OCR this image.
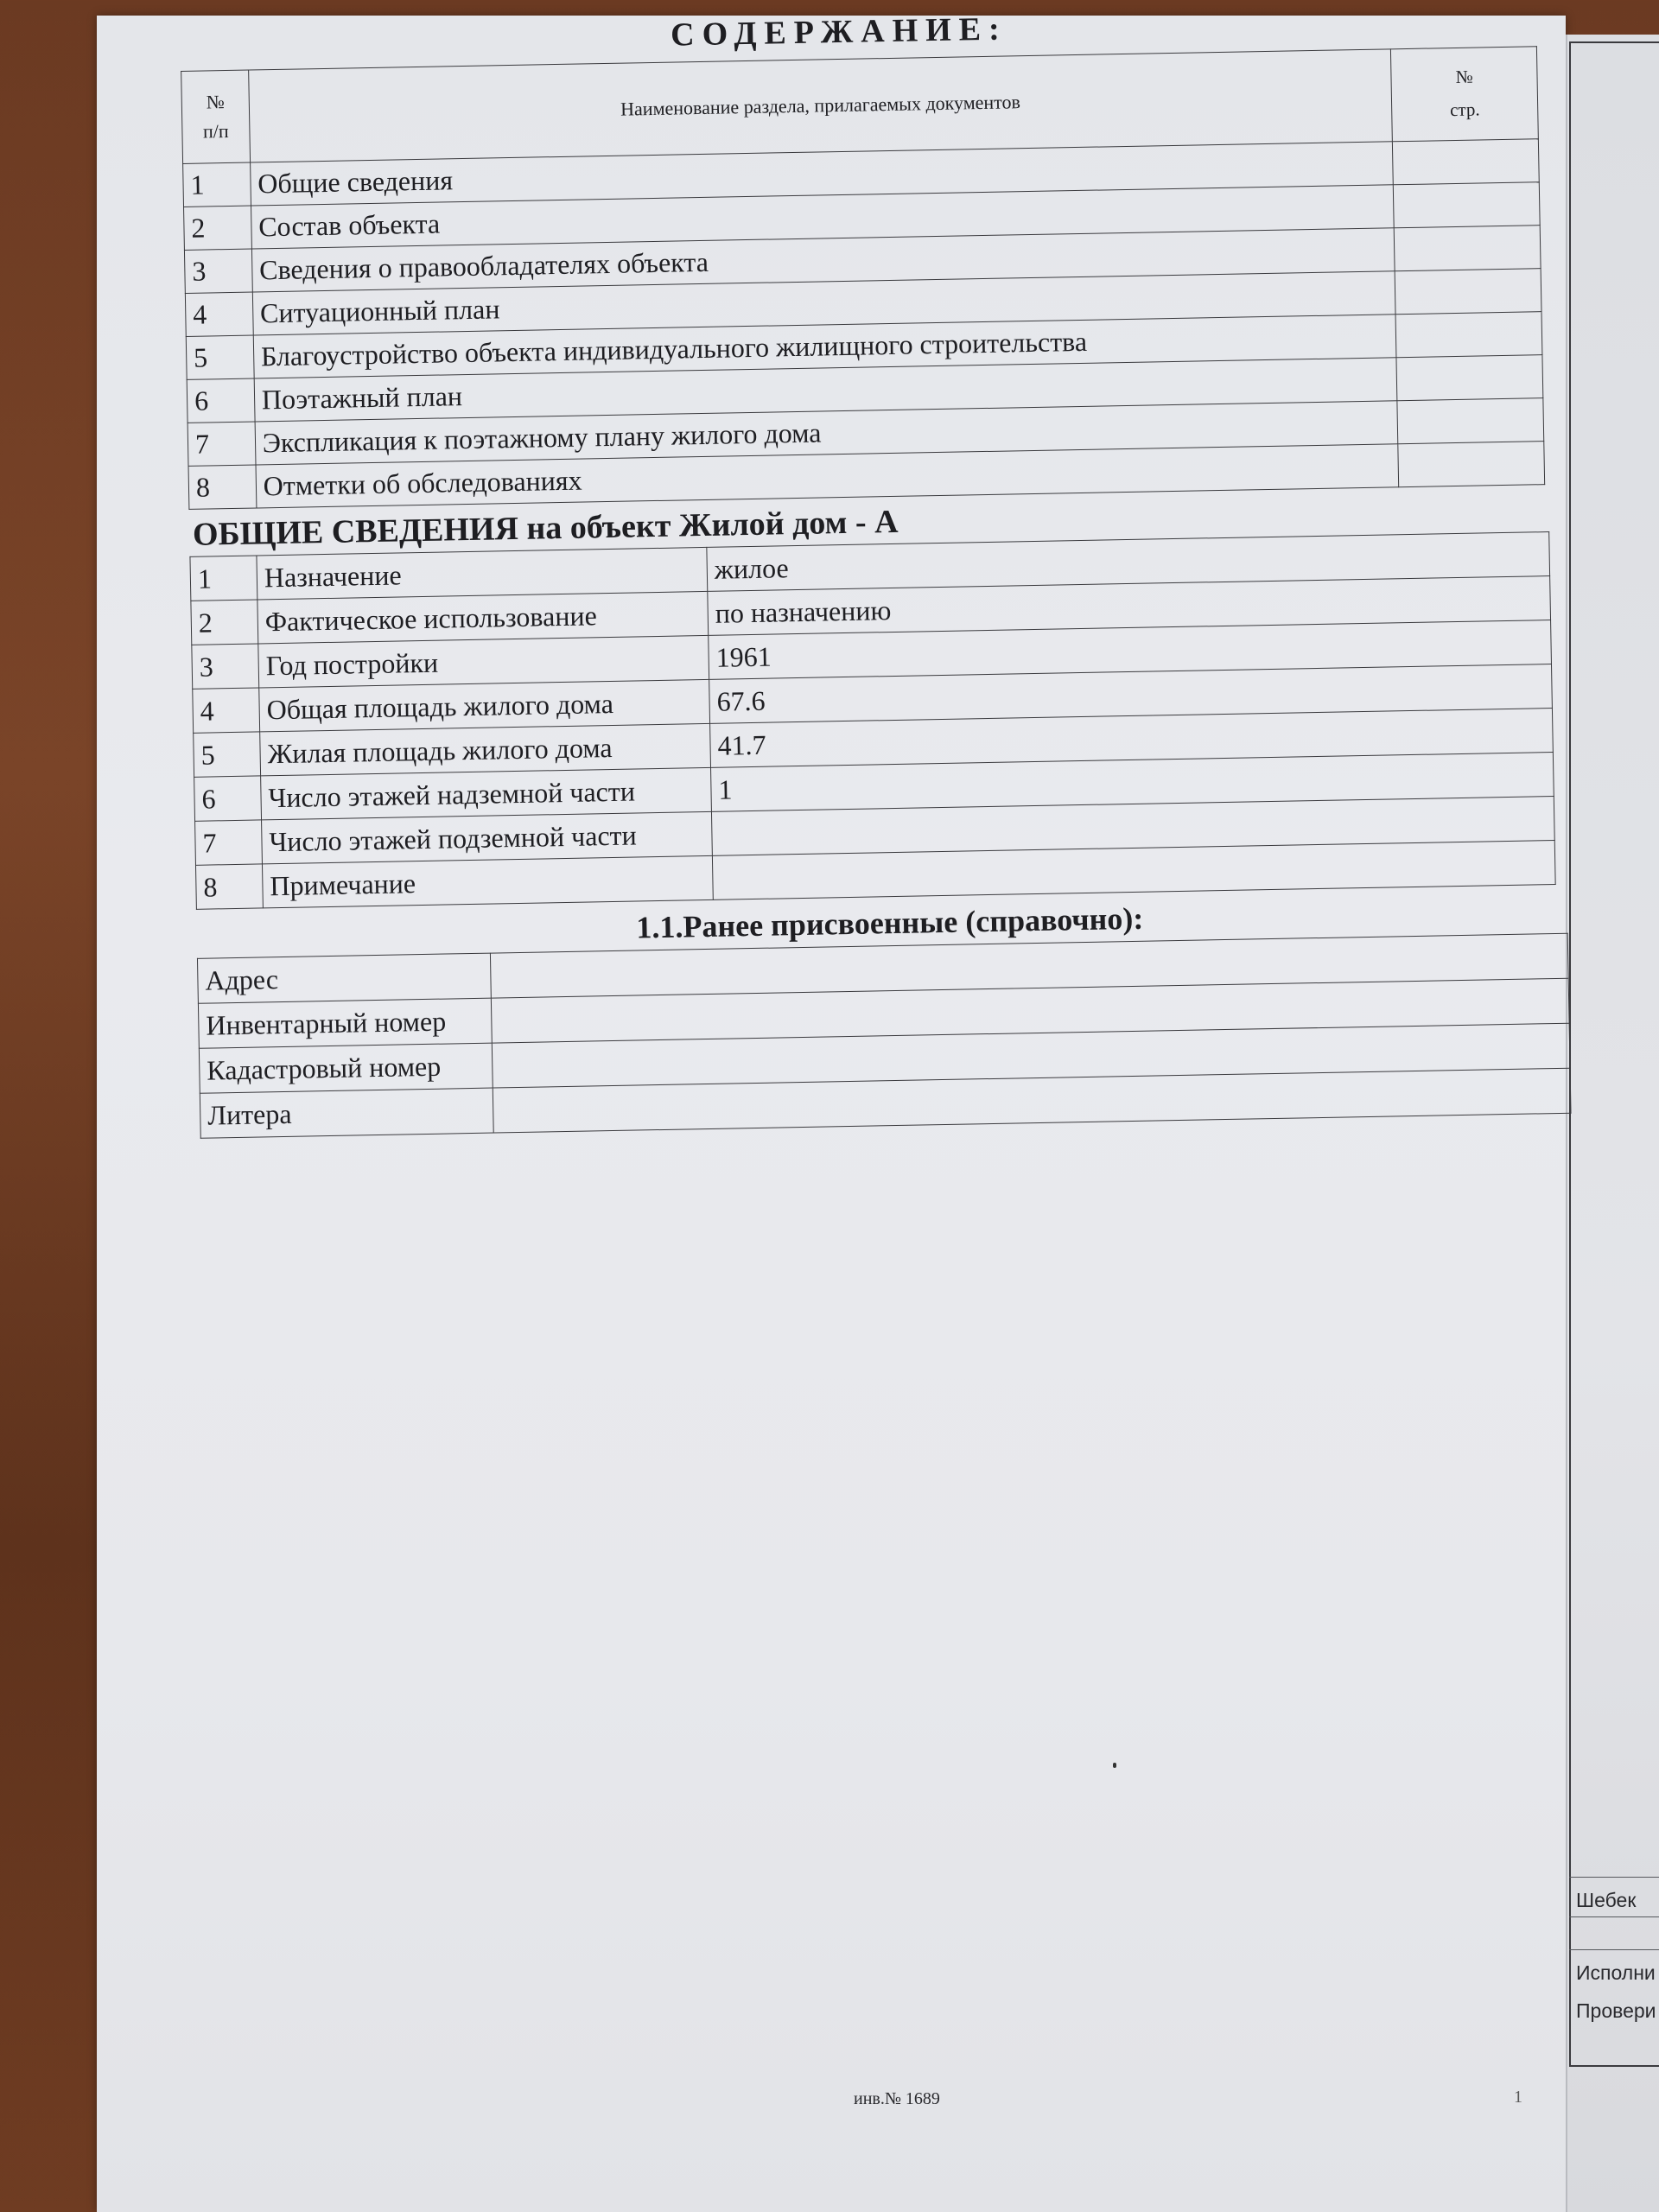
Шебек
Исполни
Провери
СОДЕРЖАНИЕ:
№
п/п	Наименование раздела, прилагаемых документов	№
стр.
1	Общие сведения	
2	Состав объекта	
3	Сведения о правообладателях объекта	
4	Ситуационный план	
5	Благоустройство объекта индивидуального жилищного строительства	
6	Поэтажный план	
7	Экспликация к поэтажному плану жилого дома	
8	Отметки об обследованиях	
ОБЩИЕ СВЕДЕНИЯ на объект Жилой дом - А
1	Назначение	жилое
2	Фактическое использование	по назначению
3	Год постройки	1961
4	Общая площадь жилого дома	67.6
5	Жилая площадь жилого дома	41.7
6	Число этажей надземной части	1
7	Число этажей подземной части	
8	Примечание	
1.1.Ранее присвоенные (справочно):
Адрес	
Инвентарный номер	
Кадастровый номер	
Литера	
инв.№ 1689	1
